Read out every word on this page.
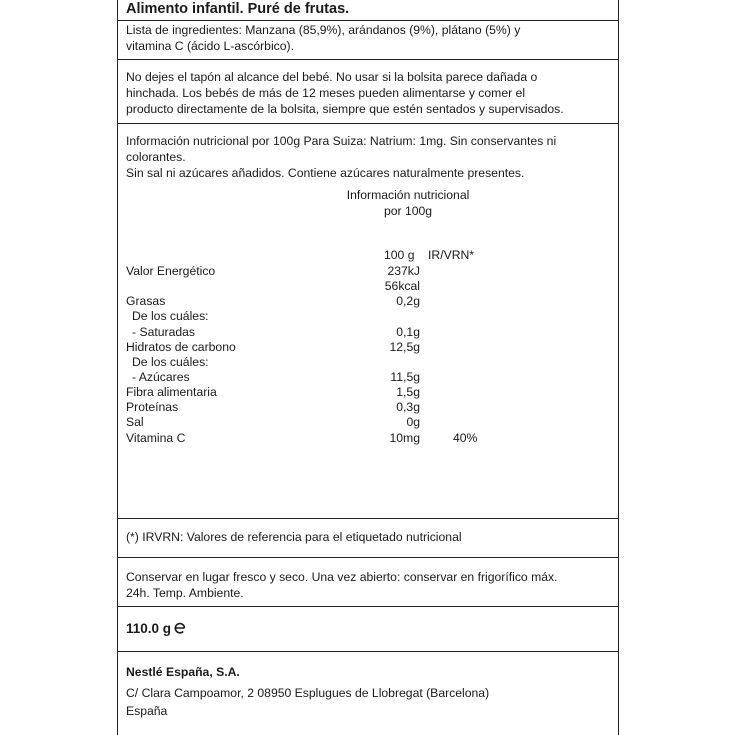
Alimento infantil. Puré de frutas.
Lista de ingredientes: Manzana (85,9%), arándanos (9%), plátano (5%) y
vitamina C (ácido L-ascórbico).
No dejes el tapón al alcance del bebé. No usar si la bolsita parece dañada o
hinchada. Los bebés de más de 12 meses pueden alimentarse y comer el
producto directamente de la bolsita, siempre que estén sentados y supervisados.
Información nutricional por 100g Para Suiza: Natrium: 1mg. Sin conservantes ni
colorantes.
Sin sal ni azúcares añadidos. Contiene azúcares naturalmente presentes.
Información nutricional
por 100g
100 g IR/VRN*
Valor Energético	237kJ
56kcal
Grasas	0,2g
De los cuáles:
- Saturadas	0,1g
Hidratos de carbono	12,5g
De los cuáles:
- Azúcares	11,5g
Fibra alimentaria	1,5g
Proteínas	0,3g
Sal	0g
Vitamina C	10mg	40%
(*) IRVRN: Valores de referencia para el etiquetado nutricional
Conservar en lugar fresco y seco. Una vez abierto: conservar en frigorífico máx.
24h. Temp. Ambiente.
110.0 g
Nestlé España, S.A.
C/ Clara Campoamor, 2 08950 Esplugues de Llobregat (Barcelona)
España
